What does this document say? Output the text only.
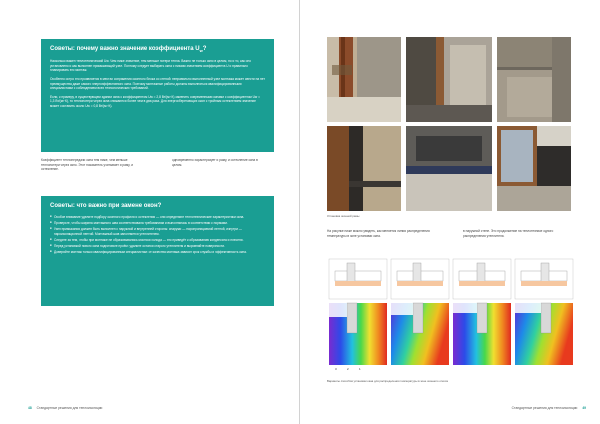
Советы: почему важно значение коэффициента $U_w$?

Насколько важен теплотехнический Uw. Чем ниже значение, тем меньше потери тепла. Важно не только окно в целом, но и то, как оно установлено и как выполнен примыкающий узел. Поэтому следует выбирать окна с низким значением коэффициента U и правильно планировать его монтаж.

Особенно остро это проявляется в местах сопряжения оконного блока со стеной: неправильно выполненный узел монтажа может свести на нет преимущества даже самого энергоэффективного окна. Поэтому монтажные работы должны выполняться квалифицированными специалистами с соблюдением всех технологических требований.

Если, к примеру, в существующем здании окна с коэффициентом Uw = 2,8 Вт/(м²·К) заменить современными окнами с коэффициентом Uw = 1,3 Вт/(м²·К), то теплопотери через окна снижаются более чем в два раза. Для энергосберегающих окон с тройным остеклением значение может составить около Uw = 0,8 Вт/(м²·К).

Коэффициент теплопередачи окна тем ниже, чем меньше теплопотери через окно. Этот показатель учитывает и раму, и остекление.
одновременно характеризует и раму, и остекление окна в целом.
Советы: что важно при замене окон?
■ Особое внимание уделите подбору оконного профиля и остекления — они определяют теплотехнические характеристики окна.
■ Проверьте, чтобы ширина монтажного шва соответствовала требованиям и выполнялась в соответствии с нормами.
■ Узел примыкания должен быть выполнен с наружной и внутренней стороны: снаружи — паропроницаемой лентой, изнутри — пароизоляционной лентой. Монтажный шов заполняется утеплителем.
■ Следите за тем, чтобы при монтаже не образовывались мостики холода — это приведёт к образованию конденсата и плесени.
■ Перед установкой нового окна подготовьте проём: удалите остатки старого утеплителя и выровняйте поверхности.
■ Доверяйте монтаж только квалифицированным специалистам: от качества монтажа зависит срок службы и эффективность окна.
48 Стандартные решения для теплоизоляции
Установка оконной рамы
На рисунке ниже можно увидеть, как меняется линия распределения температуры в зоне установки окна.
в наружной стене. Это продолжение на теплотехнике одного распределения утеплителя.
3	2	1
Варианты способов установки окна для распределения температуры в зоне оконного откоса
Стандартные решения для теплоизоляции 49
